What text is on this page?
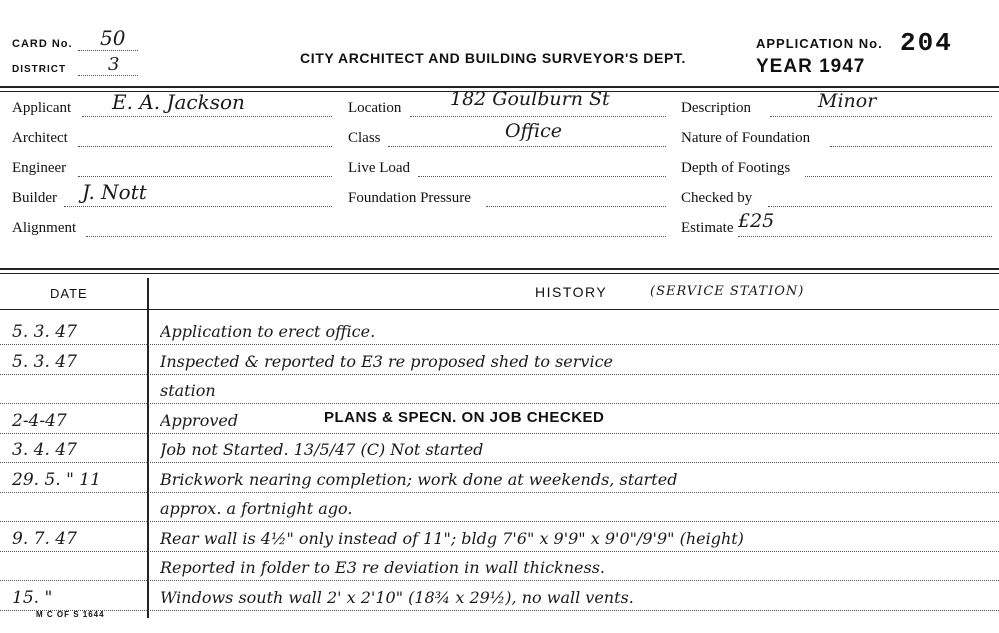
CARD No. 50
DISTRICT 3	CITY ARCHITECT AND BUILDING SURVEYOR'S DEPT.
APPLICATION No. 204
YEAR 1947
Applicant E. A. Jackson
Architect
Engineer
Builder J. Nott
Alignment
Location	182 Goulburn St
Class	Office
Live Load
Foundation Pressure
Description	Minor
Nature of Foundation
Depth of Footings
Checked by
Estimate £25
DATE	HISTORY	(SERVICE STATION)
5. 3. 47	Application to erect office.
5. 3. 47	Inspected & reported to E3 re proposed shed to service
station
2-4-47	Approved
3. 4. 47	Job not Started. 13/5/47 (C) Not started
29. 5. " 11	Brickwork nearing completion; work done at weekends, started
approx. a fortnight ago.
9. 7. 47	Rear wall is 4½" only instead of 11"; bldg 7'6" x 9'9" x 9'0"/9'9" (height)
Reported in folder to E3 re deviation in wall thickness.
15. "	Windows south wall 2' x 2'10" (18¾ x 29½), no wall vents.
PLANS & SPECN. ON JOB CHECKED
M C OF S 1644
